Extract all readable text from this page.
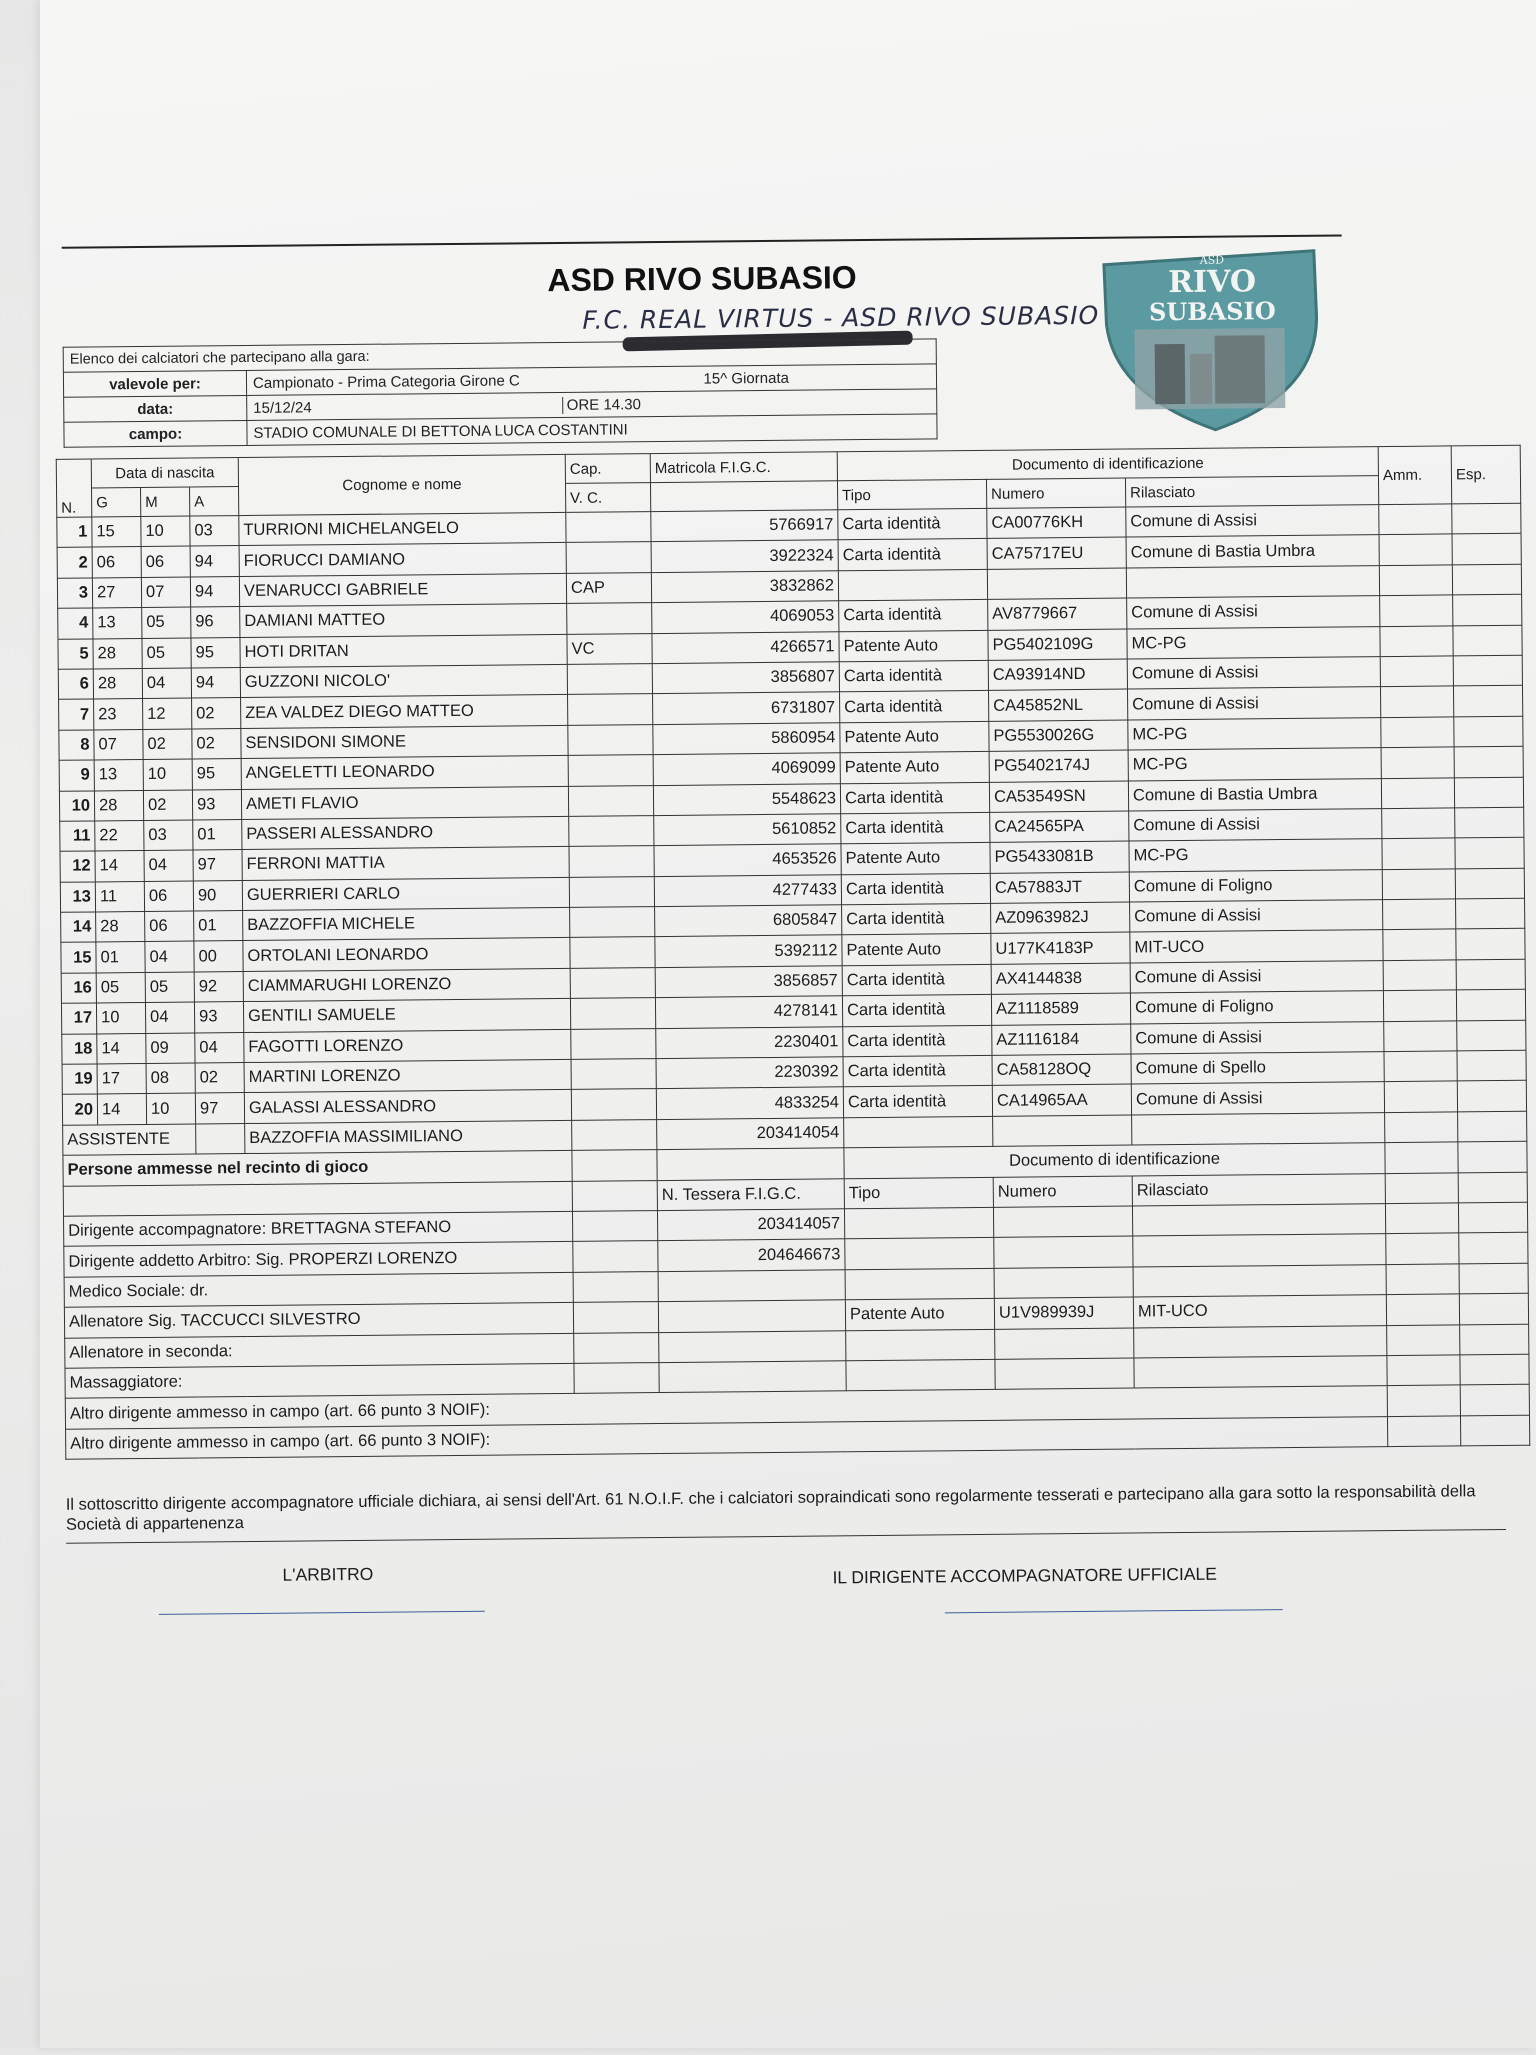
ASD RIVO SUBASIO
F.C. REAL VIRTUS - ASD RIVO SUBASIO
Elenco dei calciatori che partecipano alla gara:	
valevole per:	Campionato - Prima Categoria Girone C 15^ Giornata

data:	15/12/24 ORE 14.30

campo:	STADIO COMUNALE DI BETTONA LUCA COSTANTINI
RIVO
SUBASIO
ASD
N.	Data di nascita			Cognome e nome	Cap.	Matricola F.I.G.C.	Documento di identificazione			Amm.	Esp.
	G	M	A		V. C.		Tipo	Numero	Rilasciato		
1	15	10	03	TURRIONI MICHELANGELO		5766917	Carta identità	CA00776KH	Comune di Assisi		
2	06	06	94	FIORUCCI DAMIANO		3922324	Carta identità	CA75717EU	Comune di Bastia Umbra		
3	27	07	94	VENARUCCI GABRIELE	CAP	3832862					
4	13	05	96	DAMIANI MATTEO		4069053	Carta identità	AV8779667	Comune di Assisi		
5	28	05	95	HOTI DRITAN	VC	4266571	Patente Auto	PG5402109G	MC-PG		
6	28	04	94	GUZZONI NICOLO'		3856807	Carta identità	CA93914ND	Comune di Assisi		
7	23	12	02	ZEA VALDEZ DIEGO MATTEO		6731807	Carta identità	CA45852NL	Comune di Assisi		
8	07	02	02	SENSIDONI SIMONE		5860954	Patente Auto	PG5530026G	MC-PG		
9	13	10	95	ANGELETTI LEONARDO		4069099	Patente Auto	PG5402174J	MC-PG		
10	28	02	93	AMETI FLAVIO		5548623	Carta identità	CA53549SN	Comune di Bastia Umbra		
11	22	03	01	PASSERI ALESSANDRO		5610852	Carta identità	CA24565PA	Comune di Assisi		
12	14	04	97	FERRONI MATTIA		4653526	Patente Auto	PG5433081B	MC-PG		
13	11	06	90	GUERRIERI CARLO		4277433	Carta identità	CA57883JT	Comune di Foligno		
14	28	06	01	BAZZOFFIA MICHELE		6805847	Carta identità	AZ0963982J	Comune di Assisi		
15	01	04	00	ORTOLANI LEONARDO		5392112	Patente Auto	U177K4183P	MIT-UCO		
16	05	05	92	CIAMMARUGHI LORENZO		3856857	Carta identità	AX4144838	Comune di Assisi		
17	10	04	93	GENTILI SAMUELE		4278141	Carta identità	AZ1118589	Comune di Foligno		
18	14	09	04	FAGOTTI LORENZO		2230401	Carta identità	AZ1116184	Comune di Assisi		
19	17	08	02	MARTINI LORENZO		2230392	Carta identità	CA58128OQ	Comune di Spello		
20	14	10	97	GALASSI ALESSANDRO		4833254	Carta identità	CA14965AA	Comune di Assisi		
ASSISTENTE				BAZZOFFIA MASSIMILIANO		203414054					
Persone ammesse nel recinto di gioco							Documento di identificazione				
						N. Tessera F.I.G.C.	Tipo	Numero	Rilasciato		
Dirigente accompagnatore: BRETTAGNA STEFANO						203414057					
Dirigente addetto Arbitro: Sig. PROPERZI LORENZO						204646673					
Medico Sociale: dr.											
Allenatore Sig. TACCUCCI SILVESTRO							Patente Auto	U1V989939J	MIT-UCO		
Allenatore in seconda:											
Massaggiatore:											
Altro dirigente ammesso in campo (art. 66 punto 3 NOIF):											
Altro dirigente ammesso in campo (art. 66 punto 3 NOIF):											
Il sottoscritto dirigente accompagnatore ufficiale dichiara, ai sensi dell'Art. 61 N.O.I.F. che i calciatori sopraindicati sono regolarmente tesserati e partecipano alla gara sotto la responsabilità della Società di appartenenza
L'ARBITRO	IL DIRIGENTE ACCOMPAGNATORE UFFICIALE
